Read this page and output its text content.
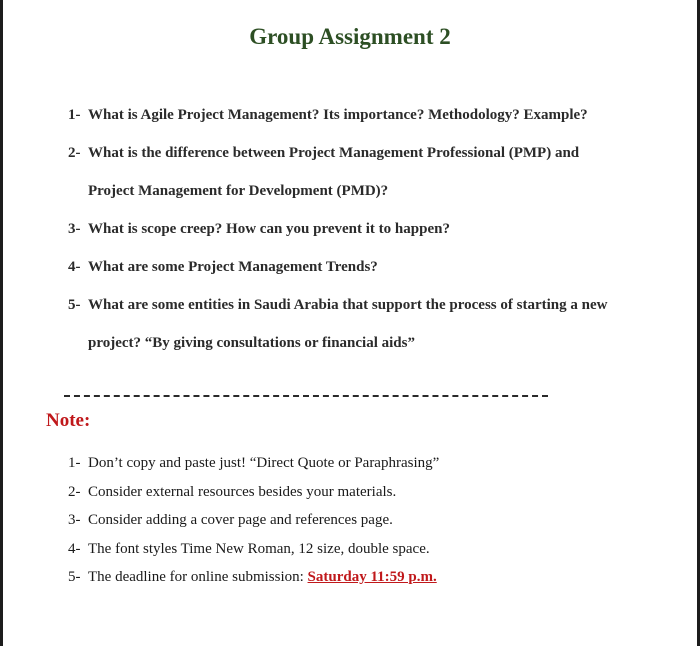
Group Assignment 2
1- What is Agile Project Management? Its importance? Methodology? Example?
2- What is the difference between Project Management Professional (PMP) and
Project Management for Development (PMD)?
3- What is scope creep? How can you prevent it to happen?
4- What are some Project Management Trends?
5- What are some entities in Saudi Arabia that support the process of starting a new
project? “By giving consultations or financial aids”
Note:
1- Don’t copy and paste just! “Direct Quote or Paraphrasing”
2- Consider external resources besides your materials.
3- Consider adding a cover page and references page.
4- The font styles Time New Roman, 12 size, double space.
5- The deadline for online submission: Saturday 11:59 p.m.
